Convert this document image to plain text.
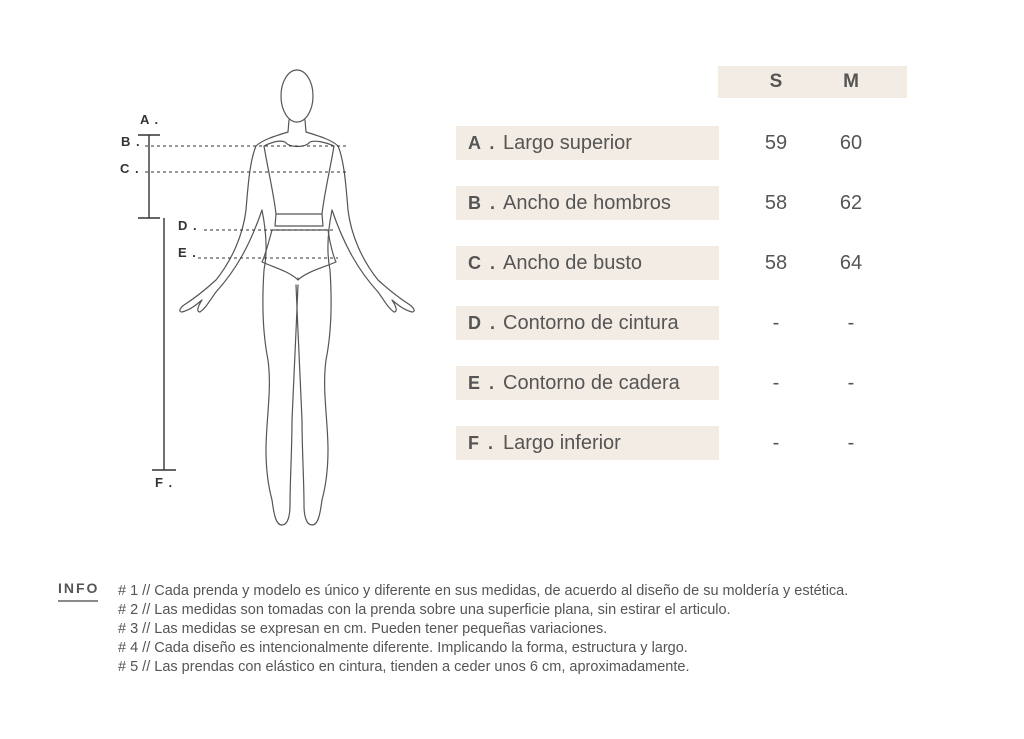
A .
B .
C .
D .
E .
F .
S	M
A . Largo superior	59	60
B . Ancho de hombros	58	62
C . Ancho de busto	58	64
D . Contorno de cintura	-	-
E . Contorno de cadera	-	-
F . Largo inferior	-	-
INFO # 1 // Cada prenda y modelo es único y diferente en sus medidas, de acuerdo al diseño de su moldería y estética.
# 2 // Las medidas son tomadas con la prenda sobre una superficie plana, sin estirar el articulo.
# 3 // Las medidas se expresan en cm. Pueden tener pequeñas variaciones.
# 4 // Cada diseño es intencionalmente diferente. Implicando la forma, estructura y largo.
# 5 // Las prendas con elástico en cintura, tienden a ceder unos 6 cm, aproximadamente.
